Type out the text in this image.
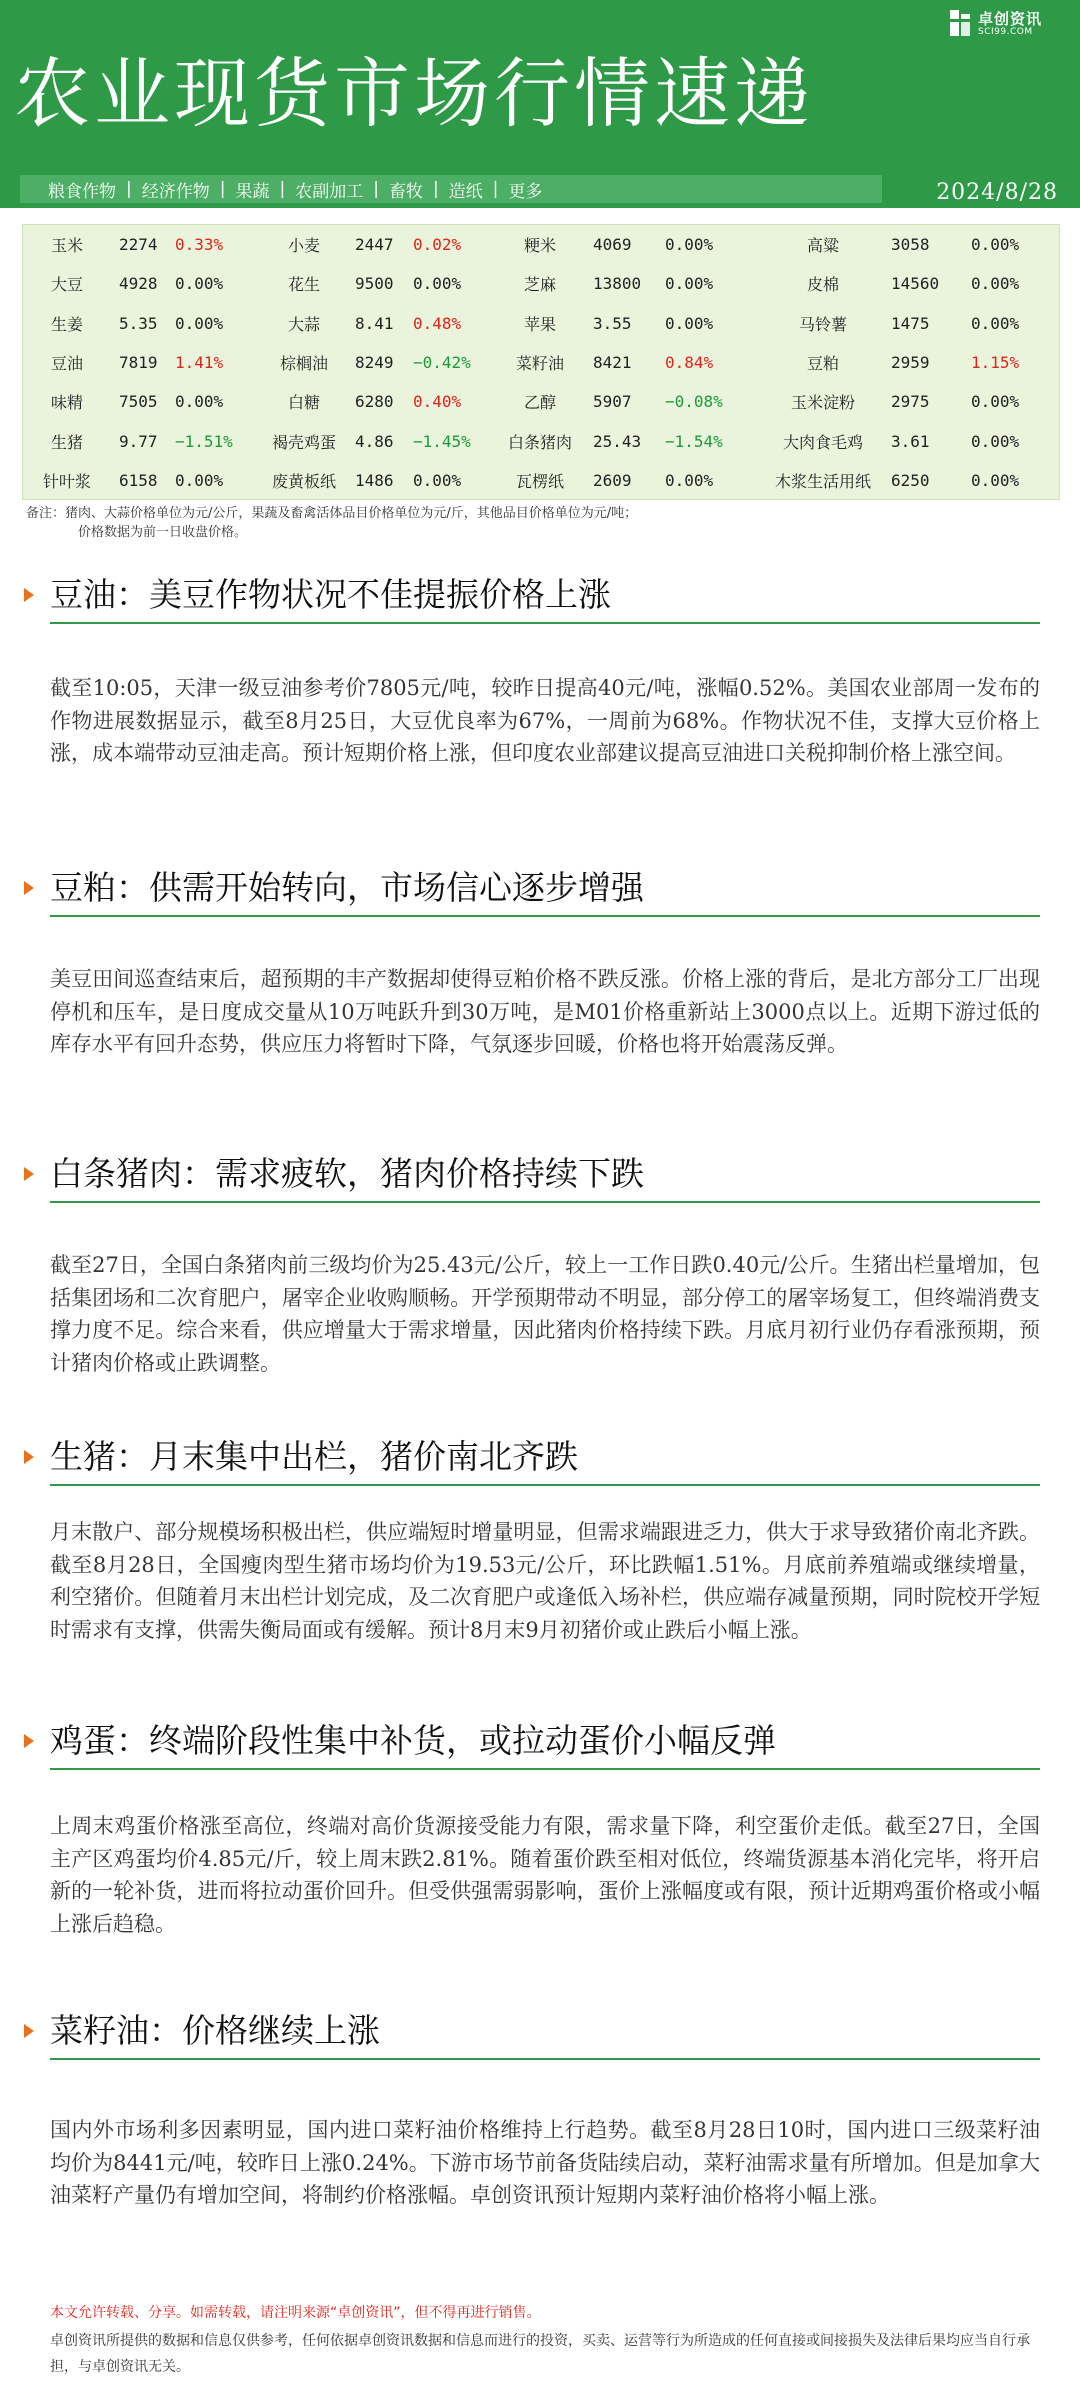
卓创资讯
SCI99.COM
农业现货市场行情速递
粮食作物 | 经济作物 | 果蔬 | 农副加工 | 畜牧 | 造纸 | 更多	2024/8/28
玉米	2274	0.33%	小麦	2447	0.02%	粳米	4069	0.00%	高粱	3058	0.00%
大豆	4928	0.00%	花生	9500	0.00%	芝麻	13800	0.00%	皮棉	14560	0.00%
生姜	5.35	0.00%	大蒜	8.41	0.48%	苹果	3.55	0.00%	马铃薯	1475	0.00%
豆油	7819	1.41%	棕榈油	8249	−0.42%	菜籽油	8421	0.84%	豆粕	2959	1.15%
味精	7505	0.00%	白糖	6280	0.40%	乙醇	5907	−0.08%	玉米淀粉	2975	0.00%
生猪	9.77	−1.51%	褐壳鸡蛋	4.86	−1.45%	白条猪肉	25.43	−1.54%	大肉食毛鸡	3.61	0.00%
针叶浆	6158	0.00%	废黄板纸	1486	0.00%	瓦楞纸	2609	0.00%	木浆生活用纸	6250	0.00%
备注：猪肉、大蒜价格单位为元/公斤，果蔬及畜禽活体品目价格单位为元/斤，其他品目价格单位为元/吨；
价格数据为前一日收盘价格。
豆油：美豆作物状况不佳提振价格上涨
截至10:05，天津一级豆油参考价7805元/吨，较昨日提高40元/吨，涨幅0.52%。美国农业部周一发布的作物进展数据显示，截至8月25日，大豆优良率为67%，一周前为68%。作物状况不佳，支撑大豆价格上涨，成本端带动豆油走高。预计短期价格上涨，但印度农业部建议提高豆油进口关税抑制价格上涨空间。
豆粕：供需开始转向，市场信心逐步增强
美豆田间巡查结束后，超预期的丰产数据却使得豆粕价格不跌反涨。价格上涨的背后，是北方部分工厂出现停机和压车，是日度成交量从10万吨跃升到30万吨，是M01价格重新站上3000点以上。近期下游过低的库存水平有回升态势，供应压力将暂时下降，气氛逐步回暖，价格也将开始震荡反弹。
白条猪肉：需求疲软，猪肉价格持续下跌
截至27日，全国白条猪肉前三级均价为25.43元/公斤，较上一工作日跌0.40元/公斤。生猪出栏量增加，包括集团场和二次育肥户，屠宰企业收购顺畅。开学预期带动不明显，部分停工的屠宰场复工，但终端消费支撑力度不足。综合来看，供应增量大于需求增量，因此猪肉价格持续下跌。月底月初行业仍存看涨预期，预计猪肉价格或止跌调整。
生猪：月末集中出栏，猪价南北齐跌
月末散户、部分规模场积极出栏，供应端短时增量明显，但需求端跟进乏力，供大于求导致猪价南北齐跌。截至8月28日，全国瘦肉型生猪市场均价为19.53元/公斤，环比跌幅1.51%。月底前养殖端或继续增量，利空猪价。但随着月末出栏计划完成，及二次育肥户或逢低入场补栏，供应端存减量预期，同时院校开学短时需求有支撑，供需失衡局面或有缓解。预计8月末9月初猪价或止跌后小幅上涨。
鸡蛋：终端阶段性集中补货，或拉动蛋价小幅反弹
上周末鸡蛋价格涨至高位，终端对高价货源接受能力有限，需求量下降，利空蛋价走低。截至27日，全国主产区鸡蛋均价4.85元/斤，较上周末跌2.81%。随着蛋价跌至相对低位，终端货源基本消化完毕，将开启新的一轮补货，进而将拉动蛋价回升。但受供强需弱影响，蛋价上涨幅度或有限，预计近期鸡蛋价格或小幅上涨后趋稳。
菜籽油：价格继续上涨
国内外市场利多因素明显，国内进口菜籽油价格维持上行趋势。截至8月28日10时，国内进口三级菜籽油均价为8441元/吨，较昨日上涨0.24%。下游市场节前备货陆续启动，菜籽油需求量有所增加。但是加拿大油菜籽产量仍有增加空间，将制约价格涨幅。卓创资讯预计短期内菜籽油价格将小幅上涨。
本文允许转载、分享。如需转载，请注明来源“卓创资讯”，但不得再进行销售。
卓创资讯所提供的数据和信息仅供参考，任何依据卓创资讯数据和信息而进行的投资，买卖、运营等行为所造成的任何直接或间接损失及法律后果均应当自行承担，与卓创资讯无关。
